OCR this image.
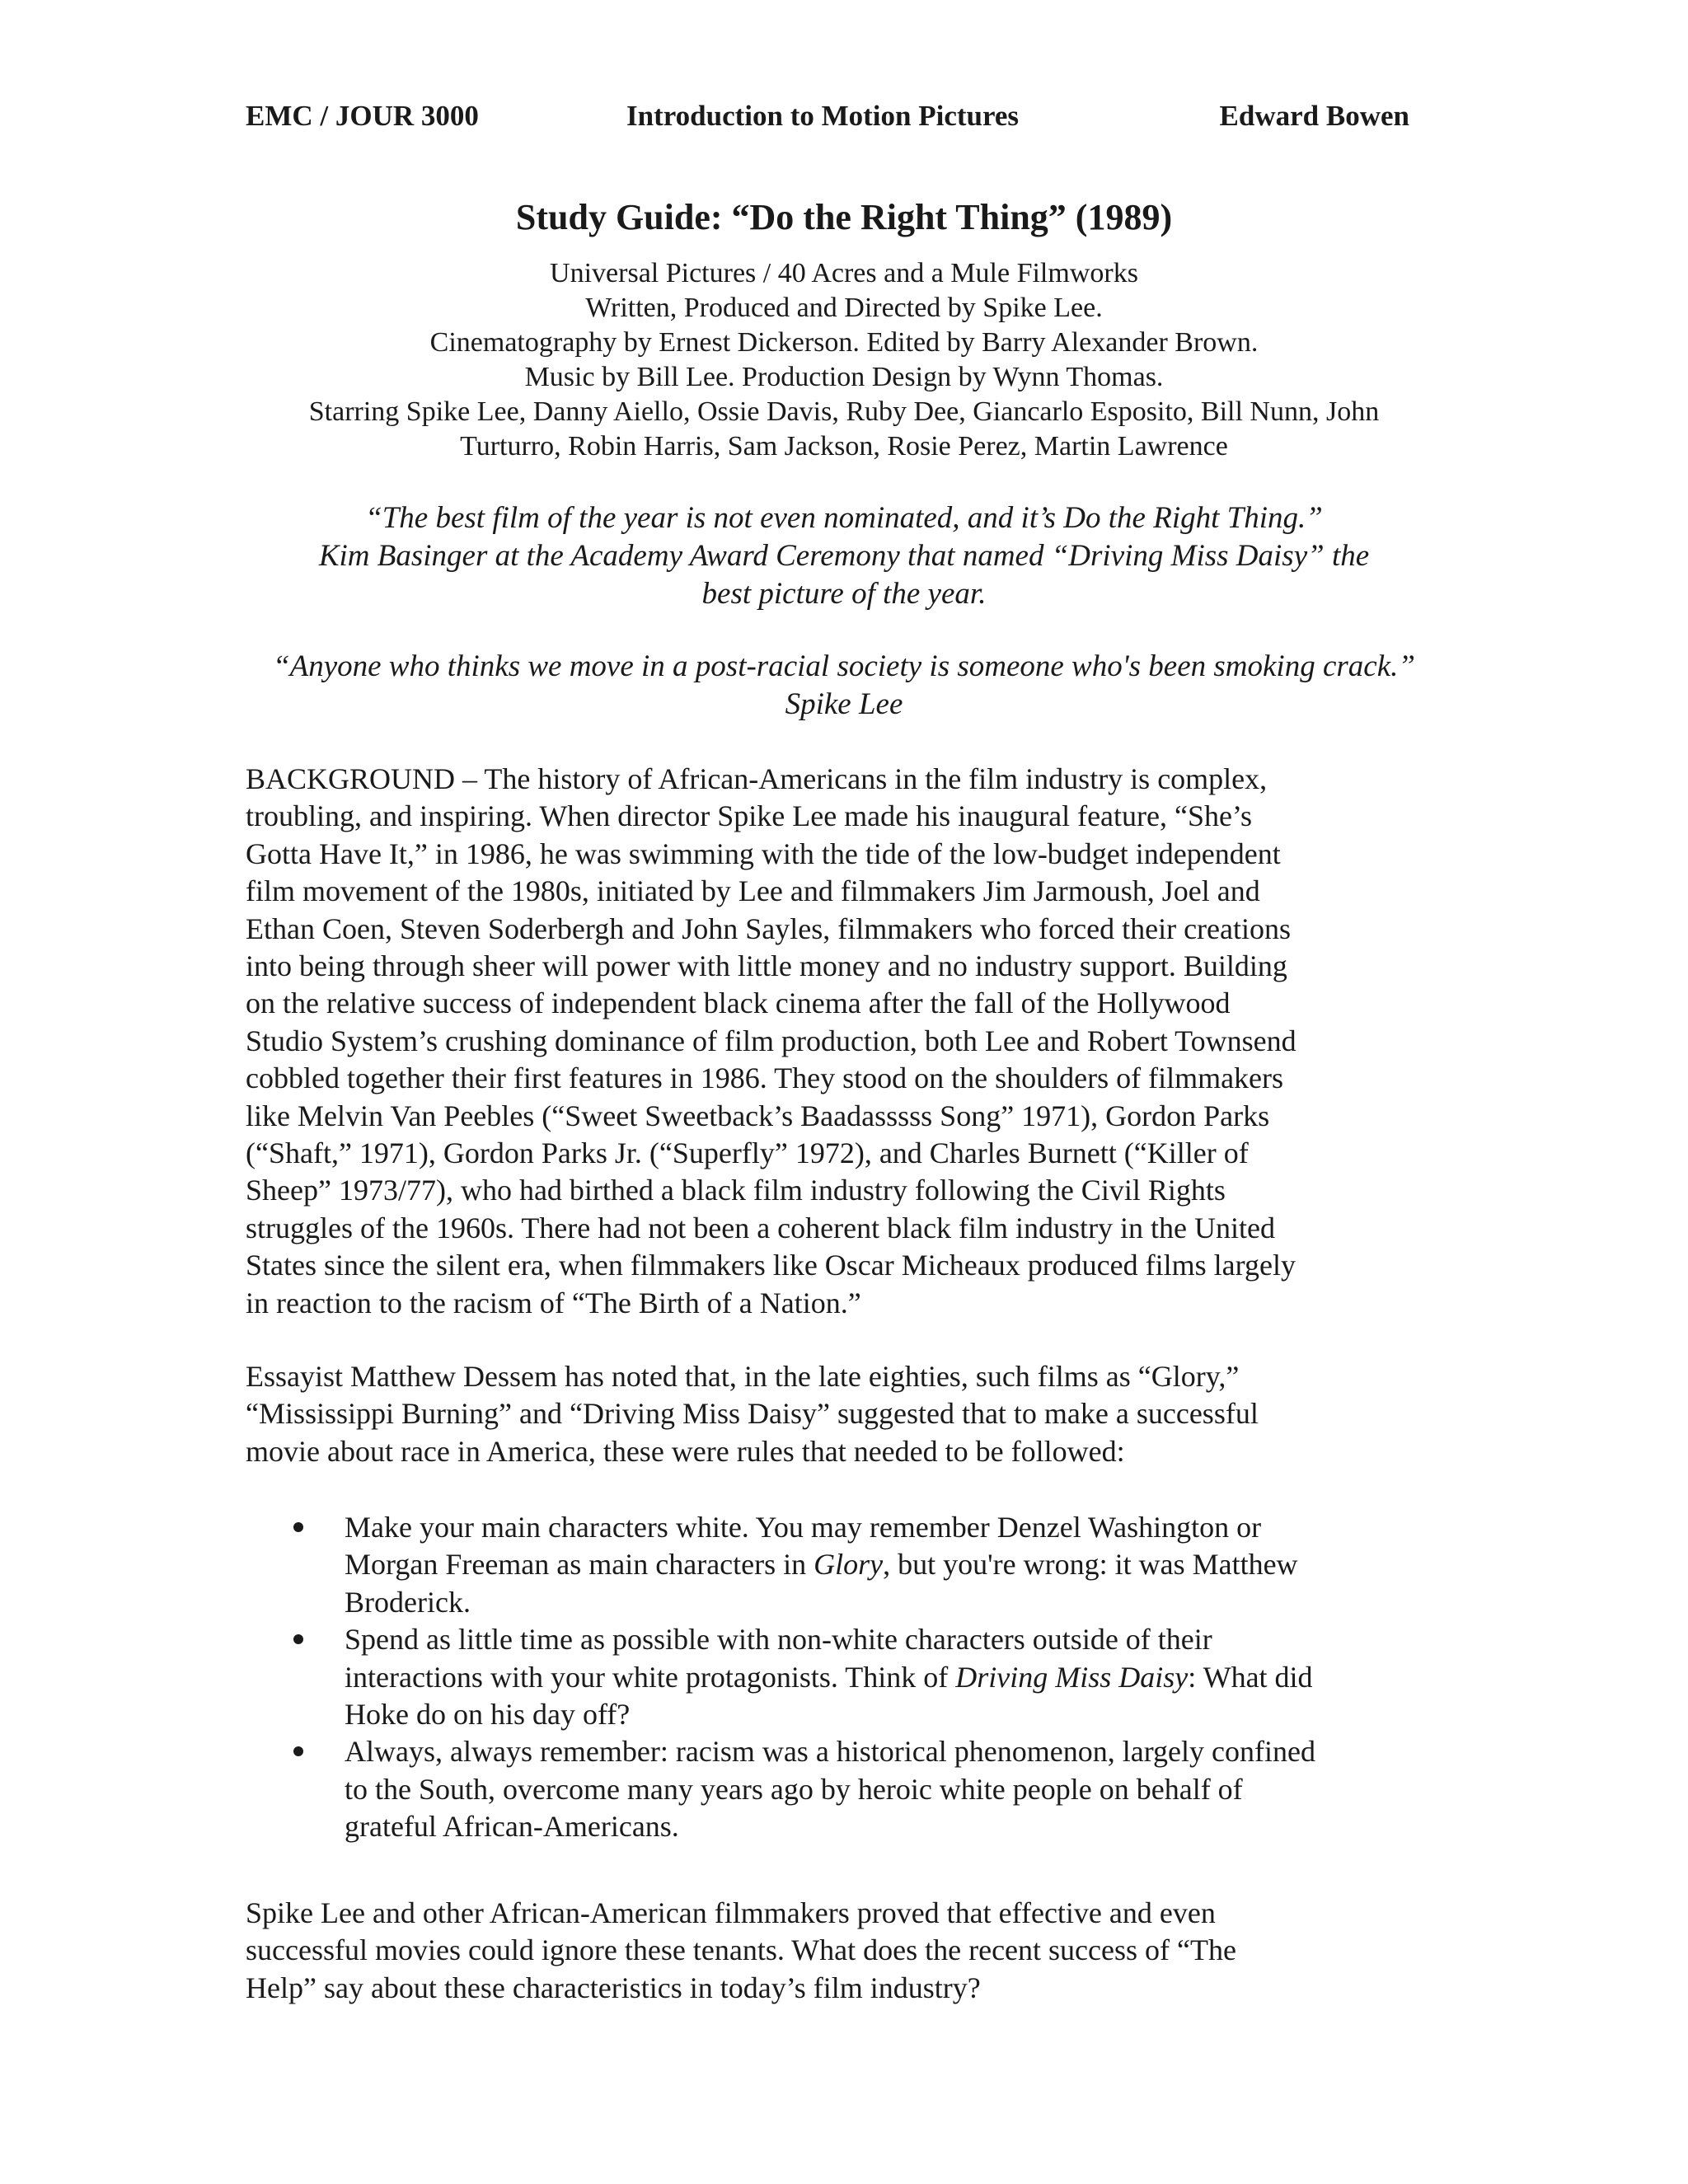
EMC / JOUR 3000	Introduction to Motion Pictures	Edward Bowen
Study Guide: “Do the Right Thing” (1989)
Universal Pictures / 40 Acres and a Mule Filmworks
Written, Produced and Directed by Spike Lee.
Cinematography by Ernest Dickerson. Edited by Barry Alexander Brown.
Music by Bill Lee. Production Design by Wynn Thomas.
Starring Spike Lee, Danny Aiello, Ossie Davis, Ruby Dee, Giancarlo Esposito, Bill Nunn, John
Turturro, Robin Harris, Sam Jackson, Rosie Perez, Martin Lawrence
“The best film of the year is not even nominated, and it’s Do the Right Thing.”
Kim Basinger at the Academy Award Ceremony that named “Driving Miss Daisy” the
best picture of the year.
“Anyone who thinks we move in a post-racial society is someone who's been smoking crack.”
Spike Lee
BACKGROUND – The history of African-Americans in the film industry is complex,
troubling, and inspiring. When director Spike Lee made his inaugural feature, “She’s
Gotta Have It,” in 1986, he was swimming with the tide of the low-budget independent
film movement of the 1980s, initiated by Lee and filmmakers Jim Jarmoush, Joel and
Ethan Coen, Steven Soderbergh and John Sayles, filmmakers who forced their creations
into being through sheer will power with little money and no industry support. Building
on the relative success of independent black cinema after the fall of the Hollywood
Studio System’s crushing dominance of film production, both Lee and Robert Townsend
cobbled together their first features in 1986. They stood on the shoulders of filmmakers
like Melvin Van Peebles (“Sweet Sweetback’s Baadasssss Song” 1971), Gordon Parks
(“Shaft,” 1971), Gordon Parks Jr. (“Superfly” 1972), and Charles Burnett (“Killer of
Sheep” 1973/77), who had birthed a black film industry following the Civil Rights
struggles of the 1960s. There had not been a coherent black film industry in the United
States since the silent era, when filmmakers like Oscar Micheaux produced films largely
in reaction to the racism of “The Birth of a Nation.”
Essayist Matthew Dessem has noted that, in the late eighties, such films as “Glory,”
“Mississippi Burning” and “Driving Miss Daisy” suggested that to make a successful
movie about race in America, these were rules that needed to be followed:
Make your main characters white. You may remember Denzel Washington or
Morgan Freeman as main characters in Glory, but you're wrong: it was Matthew
Broderick.
Spend as little time as possible with non-white characters outside of their
interactions with your white protagonists. Think of Driving Miss Daisy: What did
Hoke do on his day off?
Always, always remember: racism was a historical phenomenon, largely confined
to the South, overcome many years ago by heroic white people on behalf of
grateful African-Americans.
Spike Lee and other African-American filmmakers proved that effective and even
successful movies could ignore these tenants. What does the recent success of “The
Help” say about these characteristics in today’s film industry?
